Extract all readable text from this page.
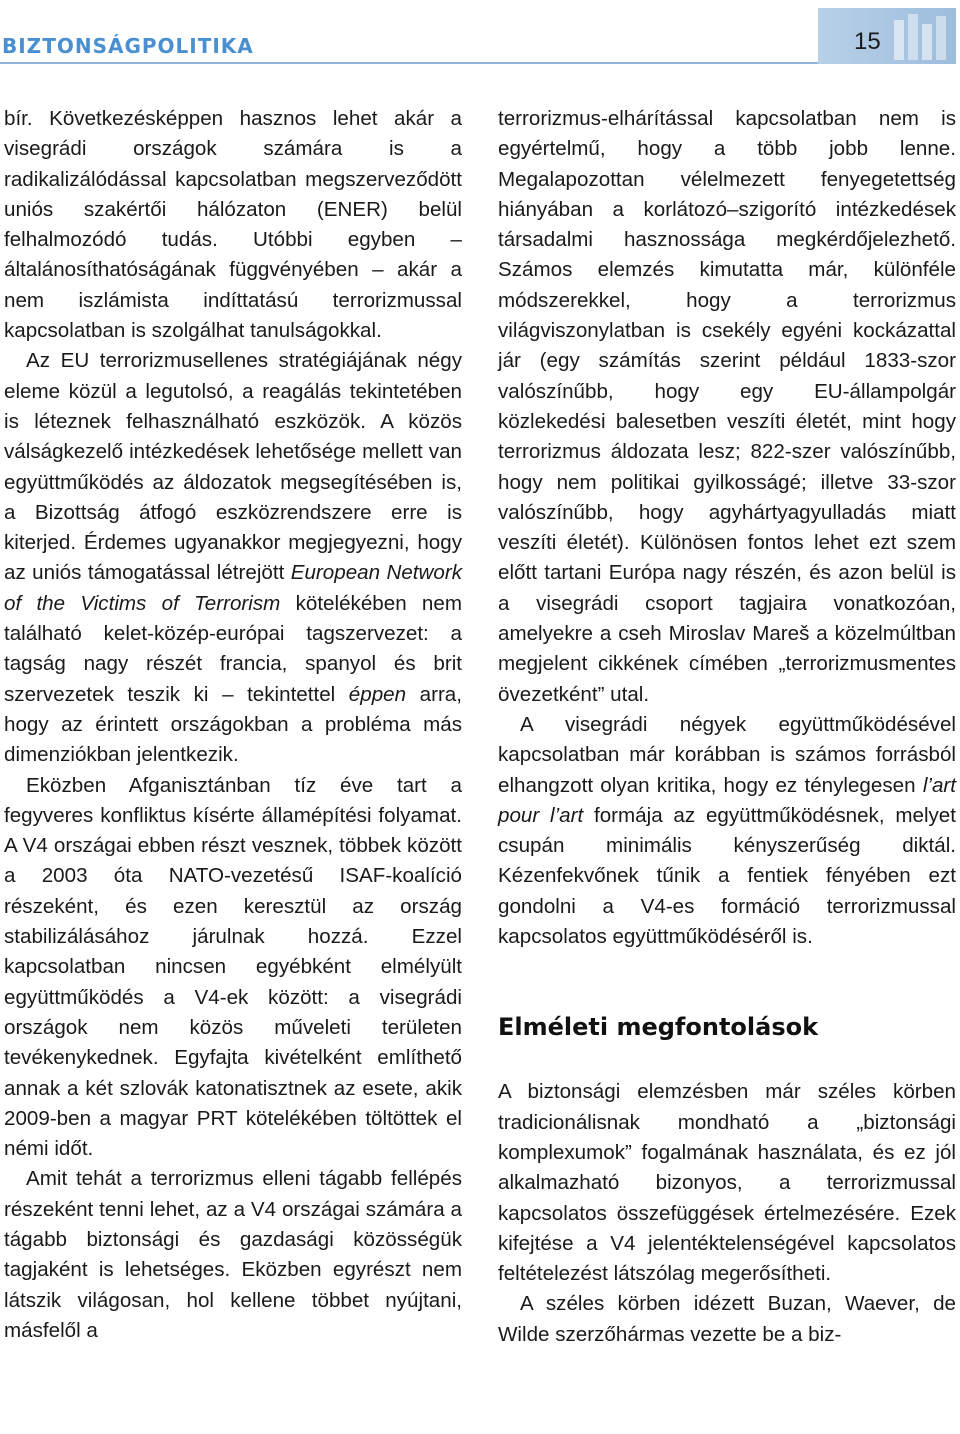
BIZTONSÁGPOLITIKA	15

bír. Következésképpen hasznos lehet akár a visegrádi országok számára is a radikalizálódással kapcsolatban megszerveződött uniós szakértői hálózaton (ENER) belül felhalmozódó tudás. Utóbbi egyben – általánosíthatóságának függvényében – akár a nem iszlámista indíttatású terrorizmussal kapcsolatban is szolgálhat tanulságokkal.

Az EU terrorizmusellenes stratégiájának négy eleme közül a legutolsó, a reagálás tekintetében is léteznek felhasználható eszközök. A közös válságkezelő intézkedések lehetősége mellett van együttműködés az áldozatok megsegítésében is, a Bizottság átfogó eszközrendszere erre is kiterjed. Érdemes ugyanakkor megjegyezni, hogy az uniós támogatással létrejött European Network of the Victims of Terrorism kötelékében nem található kelet-közép-európai tagszervezet: a tagság nagy részét francia, spanyol és brit szervezetek teszik ki – tekintettel éppen arra, hogy az érintett országokban a probléma más dimenziókban jelentkezik.

Eközben Afganisztánban tíz éve tart a fegyveres konfliktus kísérte államépítési folyamat. A V4 országai ebben részt vesznek, többek között a 2003 óta NATO-vezetésű ISAF-koalíció részeként, és ezen keresztül az ország stabilizálásához járulnak hozzá. Ezzel kapcsolatban nincsen egyébként elmélyült együttműködés a V4-ek között: a visegrádi országok nem közös műveleti területen tevékenykednek. Egyfajta kivételként említhető annak a két szlovák katonatisztnek az esete, akik 2009-ben a magyar PRT kötelékében töltöttek el némi időt.

Amit tehát a terrorizmus elleni tágabb fellépés részeként tenni lehet, az a V4 országai számára a tágabb biztonsági és gazdasági közösségük tagjaként is lehetséges. Eközben egyrészt nem látszik világosan, hol kellene többet nyújtani, másfelől a

terrorizmus-elhárítással kapcsolatban nem is egyértelmű, hogy a több jobb lenne. Megalapozottan vélelmezett fenyegetettség hiányában a korlátozó–szigorító intézkedések társadalmi hasznossága megkérdőjelezhető. Számos elemzés kimutatta már, különféle módszerekkel, hogy a terrorizmus világviszonylatban is csekély egyéni kockázattal jár (egy számítás szerint például 1833-szor valószínűbb, hogy egy EU-állampolgár közlekedési balesetben veszíti életét, mint hogy terrorizmus áldozata lesz; 822-szer valószínűbb, hogy nem politikai gyilkosságé; illetve 33-szor valószínűbb, hogy agyhártyagyulladás miatt veszíti életét). Különösen fontos lehet ezt szem előtt tartani Európa nagy részén, és azon belül is a visegrádi csoport tagjaira vonatkozóan, amelyekre a cseh Miroslav Mareš a közelmúltban megjelent cikkének címében „terrorizmusmentes övezetként” utal.

A visegrádi négyek együttműködésével kapcsolatban már korábban is számos forrásból elhangzott olyan kritika, hogy ez ténylegesen l’art pour l’art formája az együttműködésnek, melyet csupán minimális kényszerűség diktál. Kézenfekvőnek tűnik a fentiek fényében ezt gondolni a V4-es formáció terrorizmussal kapcsolatos együttműködéséről is.

Elméleti megfontolások

A biztonsági elemzésben már széles körben tradicionálisnak mondható a „biztonsági komplexumok” fogalmának használata, és ez jól alkalmazható bizonyos, a terrorizmussal kapcsolatos összefüggések értelmezésére. Ezek kifejtése a V4 jelentéktelenségével kapcsolatos feltételezést látszólag megerősítheti.

A széles körben idézett Buzan, Waever, de Wilde szerzőhármas vezette be a biz-
